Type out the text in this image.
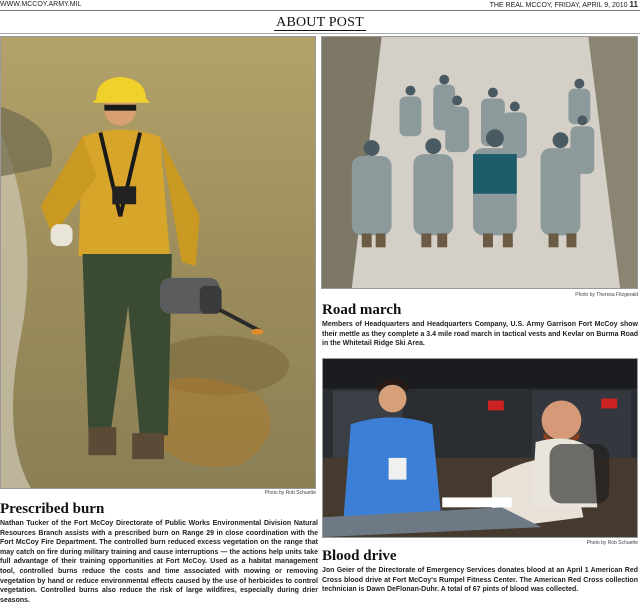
WWW.MCCOY.ARMY.MIL	THE REAL MCCOY, FRIDAY, APRIL 9, 2010 11
ABOUT POST
Photo by Rob Schuette
Prescribed burn
Nathan Tucker of the Fort McCoy Directorate of Public Works Environmental Division Natural Resources Branch assists with a prescribed burn on Range 29 in close coordination with the Fort McCoy Fire Department. The controlled burn reduced excess vegetation on the range that may catch on fire during military training and cause interruptions — the actions help units take full advantage of their training opportunities at Fort McCoy. Used as a habitat management tool, controlled burns reduce the costs and time associated with mowing or removing vegetation by hand or reduce environmental effects caused by the use of herbicides to control vegetation. Controlled burns also reduce the risk of large wildfires, especially during drier seasons.
Photo by Theresa Fitzgerald
Road march
Members of Headquarters and Headquarters Company, U.S. Army Garrison Fort McCoy show their mettle as they complete a 3.4 mile road march in tactical vests and Kevlar on Burma Road in the Whitetail Ridge Ski Area.
Photo by Rob Schuette
Blood drive
Jon Geier of the Directorate of Emergency Services donates blood at an April 1 American Red Cross blood drive at Fort McCoy's Rumpel Fitness Center. The American Red Cross collection technician is Dawn DeFlonan-Duhr. A total of 67 pints of blood was collected.
